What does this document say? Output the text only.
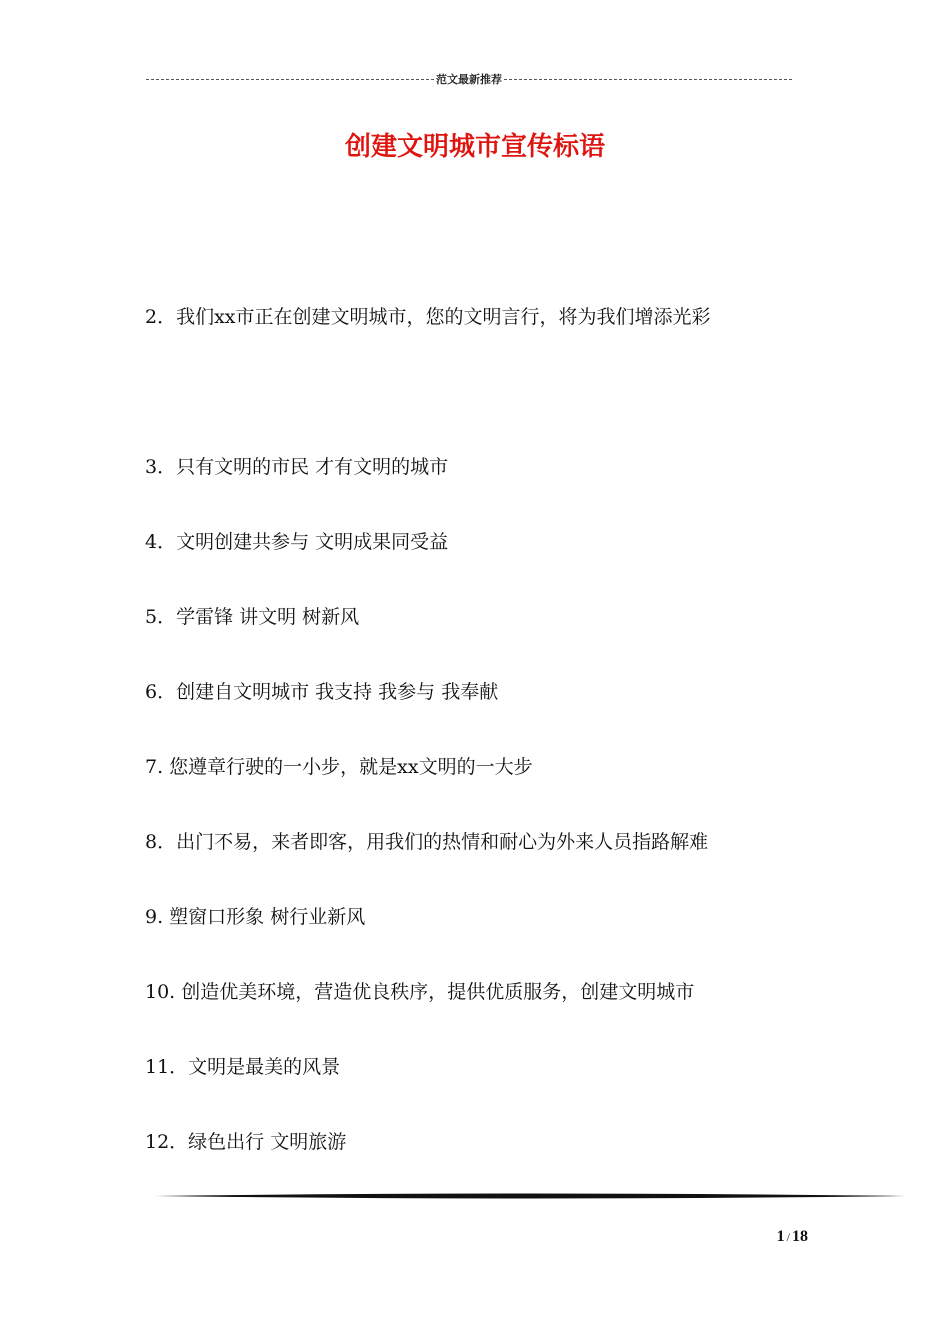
范文最新推荐
创建文明城市宣传标语
2．我们xx市正在创建文明城市，您的文明言行，将为我们增添光彩
3．只有文明的市民 才有文明的城市
4．文明创建共参与 文明成果同受益
5．学雷锋 讲文明 树新风
6．创建自文明城市 我支持 我参与 我奉献
7. 您遵章行驶的一小步，就是xx文明的一大步
8．出门不易，来者即客，用我们的热情和耐心为外来人员指路解难
9. 塑窗口形象 树行业新风
10. 创造优美环境，营造优良秩序，提供优质服务，创建文明城市
11．文明是最美的风景
12．绿色出行 文明旅游
1 / 18
